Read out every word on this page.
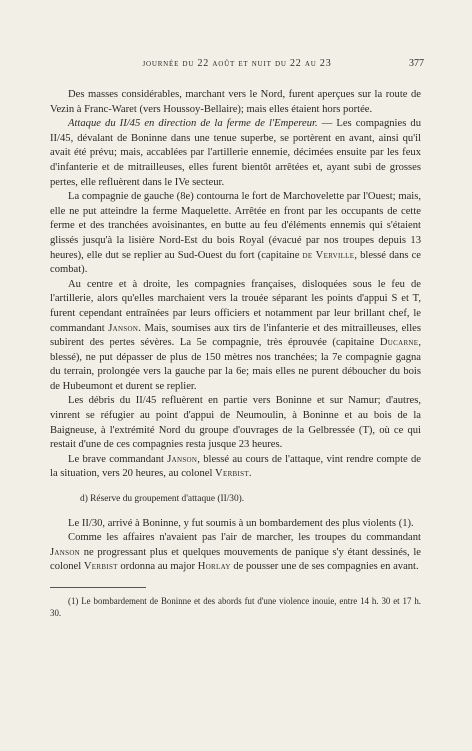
journée du 22 août et nuit du 22 au 23	377

Des masses considérables, marchant vers le Nord, furent aperçues sur la route de Vezin à Franc-Waret (vers Houssoy-Bellaire); mais elles étaient hors portée.

Attaque du II/45 en direction de la ferme de l'Empereur. — Les compagnies du II/45, dévalant de Boninne dans une tenue superbe, se portèrent en avant, ainsi qu'il avait été prévu; mais, accablées par l'artillerie ennemie, décimées ensuite par les feux d'infanterie et de mitrailleuses, elles furent bientôt arrêtées et, ayant subi de grosses pertes, elle refluèrent dans le IVe secteur.

La compagnie de gauche (8e) contourna le fort de Marchovelette par l'Ouest; mais, elle ne put atteindre la ferme Maquelette. Arrêtée en front par les occupants de cette ferme et des tranchées avoisinantes, en butte au feu d'éléments ennemis qui s'étaient glissés jusqu'à la lisière Nord-Est du bois Royal (évacué par nos troupes depuis 13 heures), elle dut se replier au Sud-Ouest du fort (capitaine de Verville, blessé dans ce combat).

Au centre et à droite, les compagnies françaises, disloquées sous le feu de l'artillerie, alors qu'elles marchaient vers la trouée séparant les points d'appui S et T, furent cependant entraînées par leurs officiers et notamment par leur brillant chef, le commandant Janson. Mais, soumises aux tirs de l'infanterie et des mitrailleuses, elles subirent des pertes sévères. La 5e compagnie, très éprouvée (capitaine Ducarne, blessé), ne put dépasser de plus de 150 mètres nos tranchées; la 7e compagnie gagna du terrain, prolongée vers la gauche par la 6e; mais elles ne purent déboucher du bois de Hubeumont et durent se replier.

Les débris du II/45 refluèrent en partie vers Boninne et sur Namur; d'autres, vinrent se réfugier au point d'appui de Neumoulin, à Boninne et au bois de la Baigneuse, à l'extrémité Nord du groupe d'ouvrages de la Gelbressée (T), où ce qui restait d'une de ces compagnies resta jusque 23 heures.

Le brave commandant Janson, blessé au cours de l'attaque, vint rendre compte de la situation, vers 20 heures, au colonel Verbist.

d) Réserve du groupement d'attaque (II/30).

Le II/30, arrivé à Boninne, y fut soumis à un bombardement des plus violents (1).

Comme les affaires n'avaient pas l'air de marcher, les troupes du commandant Janson ne progressant plus et quelques mouvements de panique s'y étant dessinés, le colonel Verbist ordonna au major Horlay de pousser une de ses compagnies en avant.

(1) Le bombardement de Boninne et des abords fut d'une violence inouie, entre 14 h. 30 et 17 h. 30.
